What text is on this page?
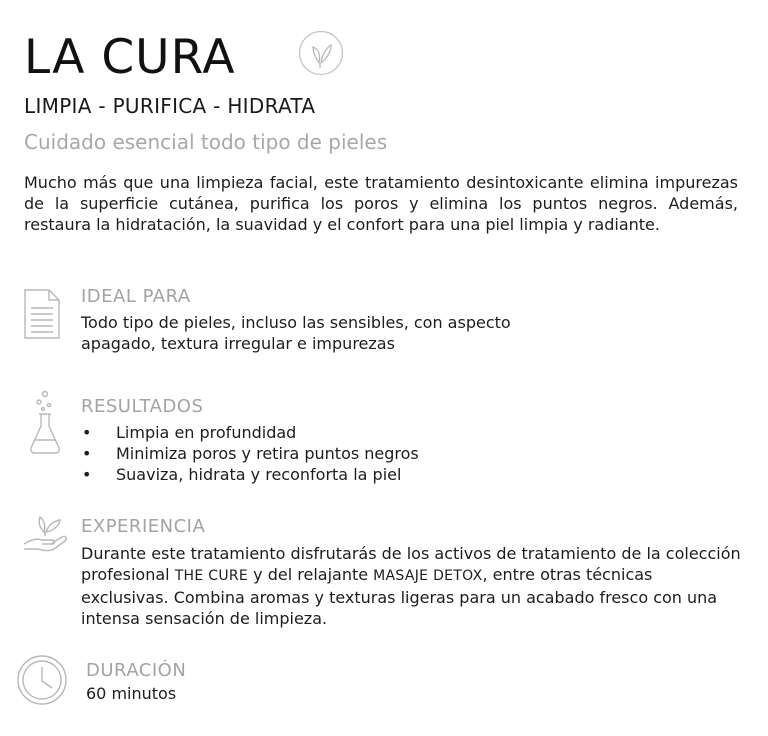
LA CURA
LIMPIA - PURIFICA - HIDRATA
Cuidado esencial todo tipo de pieles
Mucho más que una limpieza facial, este tratamiento desintoxicante elimina impurezas de la superficie cutánea, purifica los poros y elimina los puntos negros. Además, restaura la hidratación, la suavidad y el confort para una piel limpia y radiante.
IDEAL PARA
Todo tipo de pieles, incluso las sensibles, con aspecto
apagado, textura irregular e impurezas
RESULTADOS
• Limpia en profundidad
• Minimiza poros y retira puntos negros
• Suaviza, hidrata y reconforta la piel
EXPERIENCIA
Durante este tratamiento disfrutarás de los activos de tratamiento de la colección profesional THE CURE y del relajante MASAJE DETOX, entre otras técnicas exclusivas. Combina aromas y texturas ligeras para un acabado fresco con una intensa sensación de limpieza.
DURACIÓN
60 minutos
